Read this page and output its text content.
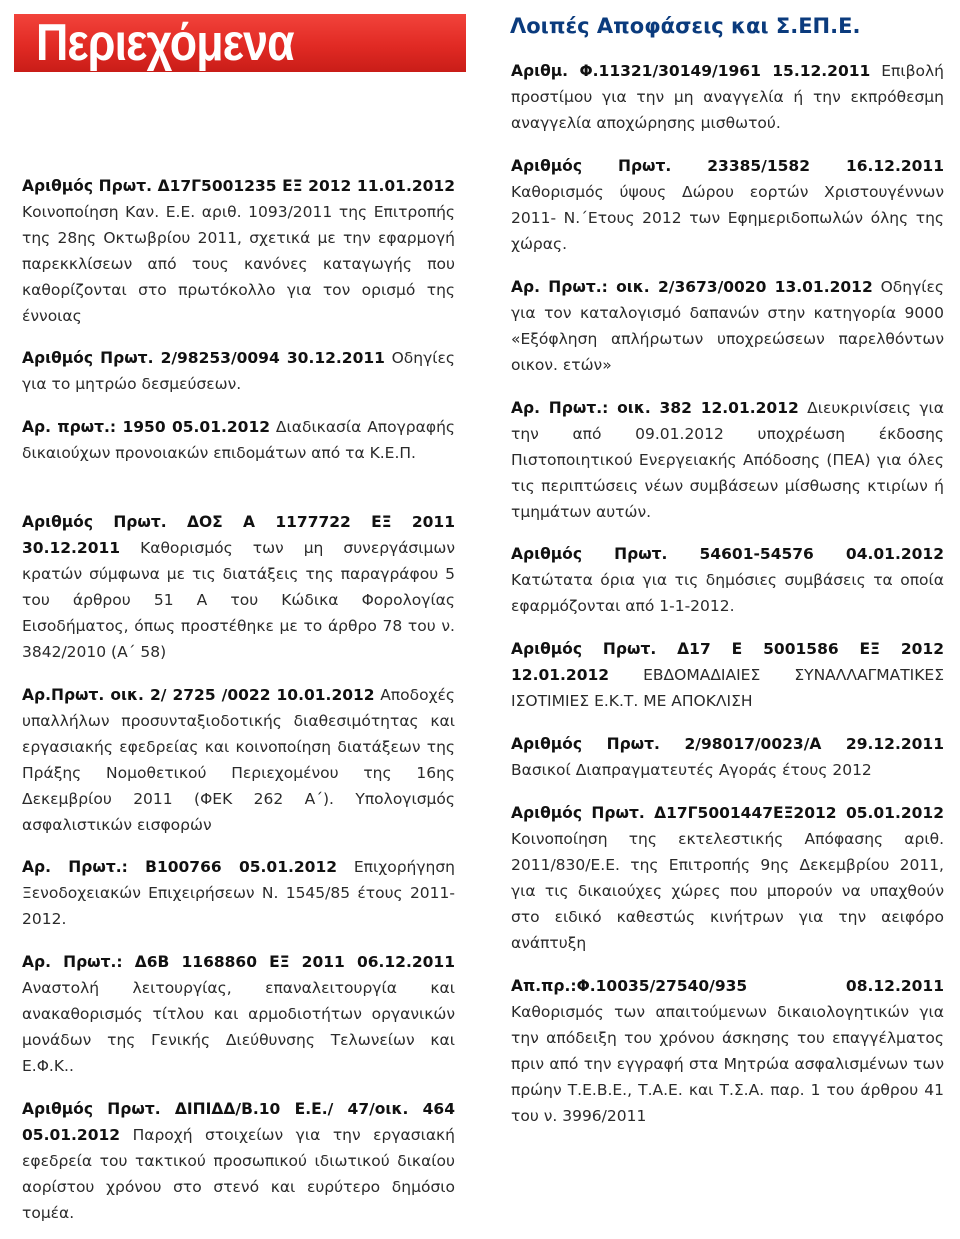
Περιεχόμενα	Λοιπές Αποφάσεις και Σ.ΕΠ.Ε.
Αριθμός Πρωτ. Δ17Γ5001235 ΕΞ 2012 11.01.2012 Κοινοποίηση Καν. Ε.Ε. αριθ. 1093/2011 της Επιτροπής της 28ης Οκτωβρίου 2011, σχετικά με την εφαρμογή παρεκκλίσεων από τους κανόνες καταγωγής που καθορίζονται στο πρωτόκολλο για τον ορισμό της έννοιας
Αριθμός Πρωτ. 2/98253/0094 30.12.2011 Οδηγίες για το μητρώο δεσμεύσεων.
Αρ. πρωτ.: 1950 05.01.2012 Διαδικασία Απογραφής δικαιούχων προνοιακών επιδομάτων από τα Κ.Ε.Π.
Αριθμός Πρωτ. ΔΟΣ Α 1177722 ΕΞ 2011 30.12.2011 Καθορισμός των μη συνεργάσιμων κρατών σύμφωνα με τις διατάξεις της παραγράφου 5 του άρθρου 51 Α του Κώδικα Φορολογίας Εισοδήματος, όπως προστέθηκε με το άρθρο 78 του ν. 3842/2010 (Α΄ 58)
Αρ.Πρωτ. οικ. 2/ 2725 /0022 10.01.2012 Αποδοχές υπαλλήλων προσυνταξιοδοτικής διαθεσιμότητας και εργασιακής εφεδρείας και κοινοποίηση διατάξεων της Πράξης Νομοθετικού Περιεχομένου της 16ης Δεκεμβρίου 2011 (ΦΕΚ 262 Α΄). Υπολογισμός ασφαλιστικών εισφορών
Αρ. Πρωτ.: Β100766 05.01.2012 Επιχορήγηση Ξενοδοχειακών Επιχειρήσεων Ν. 1545/85 έτους 2011-2012.
Αρ. Πρωτ.: Δ6Β 1168860 ΕΞ 2011 06.12.2011 Αναστολή λειτουργίας, επαναλειτουργία και ανακαθορισμός τίτλου και αρμοδιοτήτων οργανικών μονάδων της Γενικής Διεύθυνσης Τελωνείων και Ε.Φ.Κ..
Αριθμός Πρωτ. ΔΙΠΙΔΔ/Β.10 Ε.Ε./ 47/οικ. 464 05.01.2012 Παροχή στοιχείων για την εργασιακή εφεδρεία του τακτικού προσωπικού ιδιωτικού δικαίου αορίστου χρόνου στο στενό και ευρύτερο δημόσιο τομέα.
Αριθμ. Φ.11321/30149/1961 15.12.2011 Επιβολή προστίμου για την μη αναγγελία ή την εκπρόθεσμη αναγγελία αποχώρησης μισθωτού.
Αριθμός Πρωτ. 23385/1582 16.12.2011 Καθορισμός ύψους Δώρου εορτών Χριστουγέννων 2011- Ν.΄Ετους 2012 των Εφημεριδοπωλών όλης της χώρας.
Αρ. Πρωτ.: οικ. 2/3673/0020 13.01.2012 Οδηγίες για τον καταλογισμό δαπανών στην κατηγορία 9000 «Εξόφληση απλήρωτων υποχρεώσεων παρελθόντων οικον. ετών»
Αρ. Πρωτ.: οικ. 382 12.01.2012 Διευκρινίσεις για την από 09.01.2012 υποχρέωση έκδοσης Πιστοποιητικού Ενεργειακής Απόδοσης (ΠΕΑ) για όλες τις περιπτώσεις νέων συμβάσεων μίσθωσης κτιρίων ή τμημάτων αυτών.
Αριθμός Πρωτ. 54601-54576 04.01.2012 Κατώτατα όρια για τις δημόσιες συμβάσεις τα οποία εφαρμόζονται από 1-1-2012.
Αριθμός Πρωτ. Δ17 Ε 5001586 ΕΞ 2012 12.01.2012 ΕΒΔΟΜΑΔΙΑΙΕΣ ΣΥΝΑΛΛΑΓΜΑΤΙΚΕΣ ΙΣΟΤΙΜΙΕΣ Ε.Κ.Τ. ΜΕ ΑΠΟΚΛΙΣΗ
Αριθμός Πρωτ. 2/98017/0023/Α 29.12.2011 Βασικοί Διαπραγματευτές Αγοράς έτους 2012
Αριθμός Πρωτ. Δ17Γ5001447ΕΞ2012 05.01.2012 Κοινοποίηση της εκτελεστικής Απόφασης αριθ. 2011/830/Ε.Ε. της Επιτροπής 9ης Δεκεμβρίου 2011, για τις δικαιούχες χώρες που μπορούν να υπαχθούν στο ειδικό καθεστώς κινήτρων για την αειφόρο ανάπτυξη
Απ.πρ.:Φ.10035/27540/935 08.12.2011 Καθορισμός των απαιτούμενων δικαιολογητικών για την απόδειξη του χρόνου άσκησης του επαγγέλματος πριν από την εγγραφή στα Μητρώα ασφαλισμένων των πρώην Τ.Ε.Β.Ε., Τ.Α.Ε. και Τ.Σ.Α. παρ. 1 του άρθρου 41 του ν. 3996/2011
